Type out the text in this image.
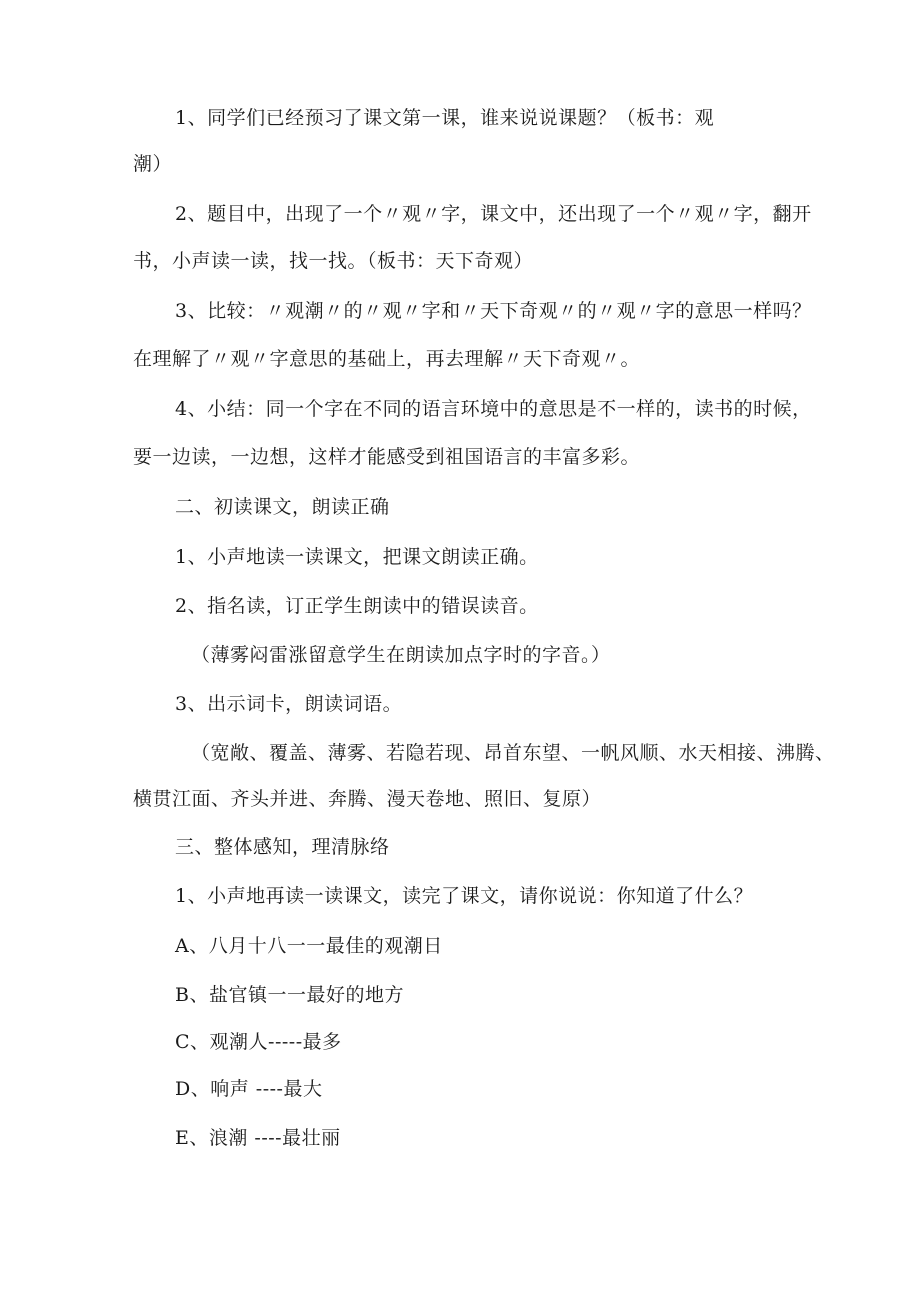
1、同学们已经预习了课文第一课，谁来说说课题？（板书：观
潮）
2、题目中，出现了一个〃观〃字，课文中，还出现了一个〃观〃字，翻开
书，小声读一读，找一找。（板书：天下奇观）
3、比较：〃观潮〃的〃观〃字和〃天下奇观〃的〃观〃字的意思一样吗？
在理解了〃观〃字意思的基础上，再去理解〃天下奇观〃。
4、小结：同一个字在不同的语言环境中的意思是不一样的，读书的时候，
要一边读，一边想，这样才能感受到祖国语言的丰富多彩。
二、初读课文，朗读正确
1、小声地读一读课文，把课文朗读正确。
2、指名读，订正学生朗读中的错误读音。
（薄雾闷雷涨留意学生在朗读加点字时的字音。）
3、出示词卡，朗读词语。
（宽敞、覆盖、薄雾、若隐若现、昂首东望、一帆风顺、水天相接、沸腾、
横贯江面、齐头并进、奔腾、漫天卷地、照旧、复原）
三、整体感知，理清脉络
1、小声地再读一读课文，读完了课文，请你说说：你知道了什么？
A、八月十八一一最佳的观潮日
B、盐官镇一一最好的地方
C、观潮人-----最多
D、响声 ----最大
E、浪潮 ----最壮丽
